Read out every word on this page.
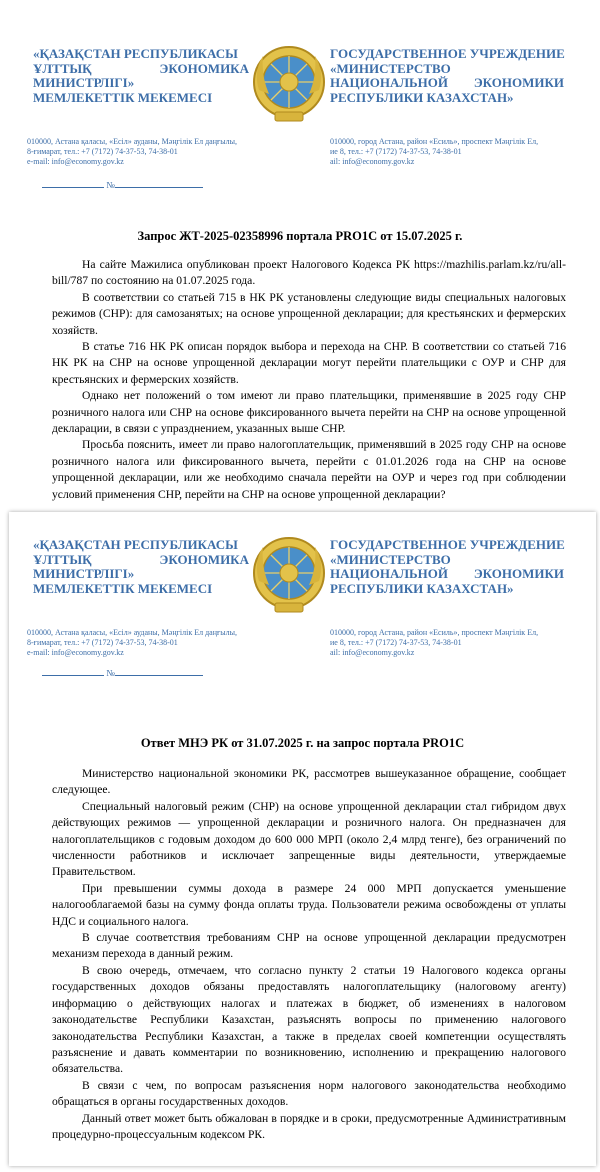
«ҚАЗАҚСТАН РЕСПУБЛИКАСЫ
ҰЛТТЫҚ	ЭКОНОМИКА
МИНИСТРЛІГІ»
МЕМЛЕКЕТТІК МЕКЕМЕСІ
ГОСУДАРСТВЕННОЕ УЧРЕЖДЕНИЕ
«МИНИСТЕРСТВО
НАЦИОНАЛЬНОЙ ЭКОНОМИКИ
РЕСПУБЛИКИ КАЗАХСТАН»
010000, Астана қаласы, «Есіл» ауданы, Мәңгілік Ел даңғылы,
8-ғимарат, тел.: +7 (7172) 74-37-53, 74-38-01
e-mail: info@economy.gov.kz
010000, город Астана, район «Есиль», проспект Мәңгілік Ел,
ие 8, тел.: +7 (7172) 74-37-53, 74-38-01
ail: info@economy.gov.kz
№
Запрос ЖТ-2025-02358996 портала PRO1C от 15.07.2025 г.

На сайте Мажилиса опубликован проект Налогового Кодекса РК https://mazhilis.parlam.kz/ru/all-bill/787 по состоянию на 01.07.2025 года.

В соответствии со статьей 715 в НК РК установлены следующие виды специальных налоговых режимов (СНР): для самозанятых; на основе упрощенной декларации; для крестьянских и фермерских хозяйств.

В статье 716 НК РК описан порядок выбора и перехода на СНР. В соответствии со статьей 716 НК РК на СНР на основе упрощенной декларации могут перейти плательщики с ОУР и СНР для крестьянских и фермерских хозяйств.

Однако нет положений о том имеют ли право плательщики, применявшие в 2025 году СНР розничного налога или СНР на основе фиксированного вычета перейти на СНР на основе упрощенной декларации, в связи с упразднением, указанных выше СНР.

Просьба пояснить, имеет ли право налогоплательщик, применявший в 2025 году СНР на основе розничного налога или фиксированного вычета, перейти с 01.01.2026 года на СНР на основе упрощенной декларации, или же необходимо сначала перейти на ОУР и через год при соблюдении условий применения СНР, перейти на СНР на основе упрощенной декларации?

«ҚАЗАҚСТАН РЕСПУБЛИКАСЫ
ҰЛТТЫҚ	ЭКОНОМИКА
МИНИСТРЛІГІ»
МЕМЛЕКЕТТІК МЕКЕМЕСІ
ГОСУДАРСТВЕННОЕ УЧРЕЖДЕНИЕ
«МИНИСТЕРСТВО
НАЦИОНАЛЬНОЙ ЭКОНОМИКИ
РЕСПУБЛИКИ КАЗАХСТАН»
010000, Астана қаласы, «Есіл» ауданы, Мәңгілік Ел даңғылы,
8-ғимарат, тел.: +7 (7172) 74-37-53, 74-38-01
e-mail: info@economy.gov.kz
010000, город Астана, район «Есиль», проспект Мәңгілік Ел,
ие 8, тел.: +7 (7172) 74-37-53, 74-38-01
ail: info@economy.gov.kz
№
Ответ МНЭ РК от 31.07.2025 г. на запрос портала PRO1C

Министерство национальной экономики РК, рассмотрев вышеуказанное обращение, сообщает следующее.

Специальный налоговый режим (СНР) на основе упрощенной декларации стал гибридом двух действующих режимов — упрощенной декларации и розничного налога. Он предназначен для налогоплательщиков с годовым доходом до 600 000 МРП (около 2,4 млрд тенге), без ограничений по численности работников и исключает запрещенные виды деятельности, утверждаемые Правительством.

При превышении суммы дохода в размере 24 000 МРП допускается уменьшение налогооблагаемой базы на сумму фонда оплаты труда. Пользователи режима освобождены от уплаты НДС и социального налога.

В случае соответствия требованиям СНР на основе упрощенной декларации предусмотрен механизм перехода в данный режим.

В свою очередь, отмечаем, что согласно пункту 2 статьи 19 Налогового кодекса органы государственных доходов обязаны предоставлять налогоплательщику (налоговому агенту) информацию о действующих налогах и платежах в бюджет, об изменениях в налоговом законодательстве Республики Казахстан, разъяснять вопросы по применению налогового законодательства Республики Казахстан, а также в пределах своей компетенции осуществлять разъяснение и давать комментарии по возникновению, исполнению и прекращению налогового обязательства.

В связи с чем, по вопросам разъяснения норм налогового законодательства необходимо обращаться в органы государственных доходов.

Данный ответ может быть обжалован в порядке и в сроки, предусмотренные Административным процедурно-процессуальным кодексом РК.
